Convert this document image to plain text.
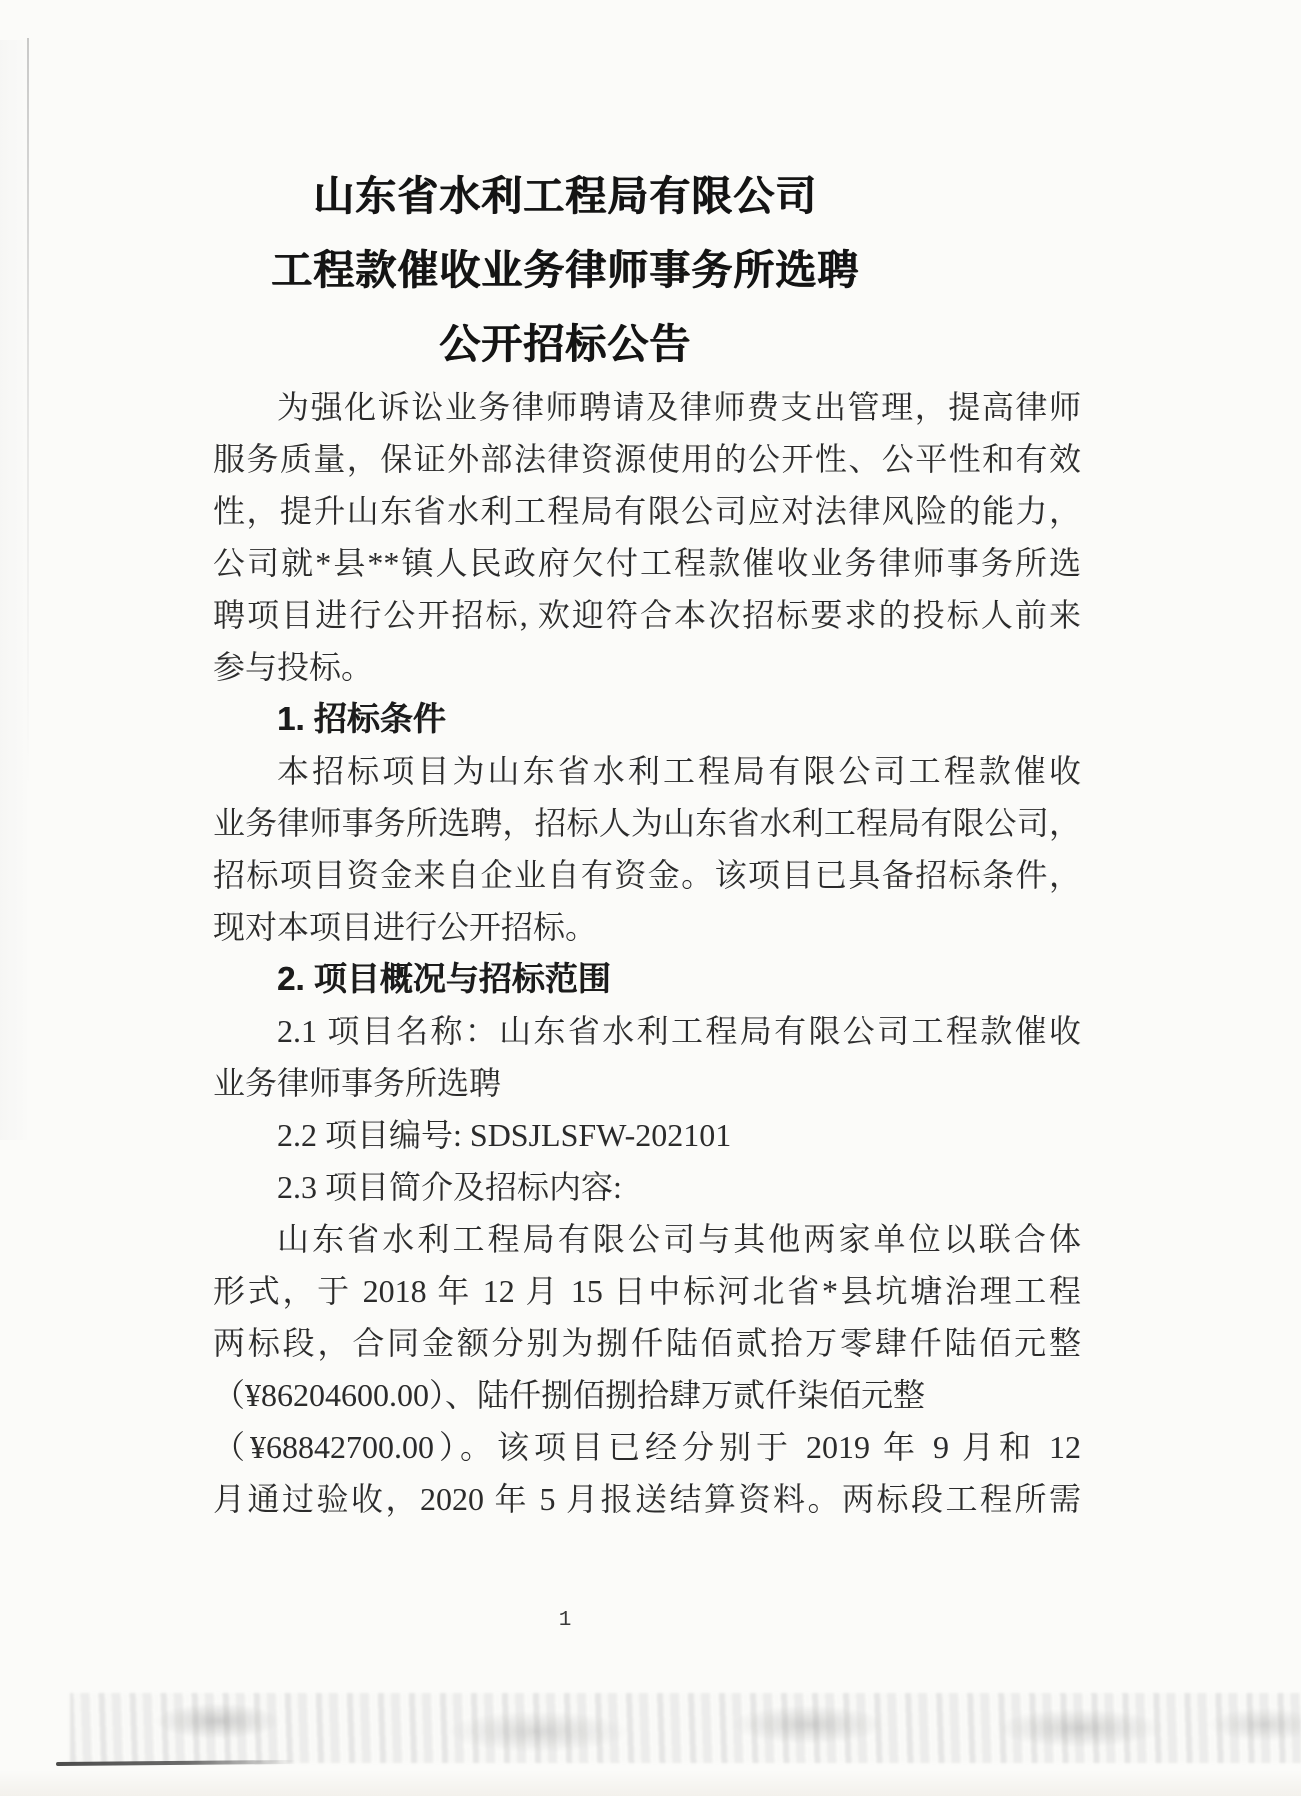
山东省水利工程局有限公司
工程款催收业务律师事务所选聘
公开招标公告
为强化诉讼业务律师聘请及律师费支出管理，提高律师
服务质量，保证外部法律资源使用的公开性、公平性和有效
性，提升山东省水利工程局有限公司应对法律风险的能力，
公司就*县**镇人民政府欠付工程款催收业务律师事务所选
聘项目进行公开招标, 欢迎符合本次招标要求的投标人前来
参与投标。
1. 招标条件
本招标项目为山东省水利工程局有限公司工程款催收
业务律师事务所选聘，招标人为山东省水利工程局有限公司，
招标项目资金来自企业自有资金。该项目已具备招标条件，
现对本项目进行公开招标。
2. 项目概况与招标范围
2.1 项目名称：山东省水利工程局有限公司工程款催收
业务律师事务所选聘
2.2 项目编号: SDSJLSFW-202101
2.3 项目简介及招标内容:
山东省水利工程局有限公司与其他两家单位以联合体
形式，于 2018 年 12 月 15 日中标河北省*县坑塘治理工程
两标段，合同金额分别为捌仟陆佰贰拾万零肆仟陆佰元整
（¥86204600.00）、陆仟捌佰捌拾肆万贰仟柒佰元整
（¥68842700.00）。该项目已经分别于 2019 年 9 月和 12
月通过验收，2020 年 5 月报送结算资料。两标段工程所需
1
